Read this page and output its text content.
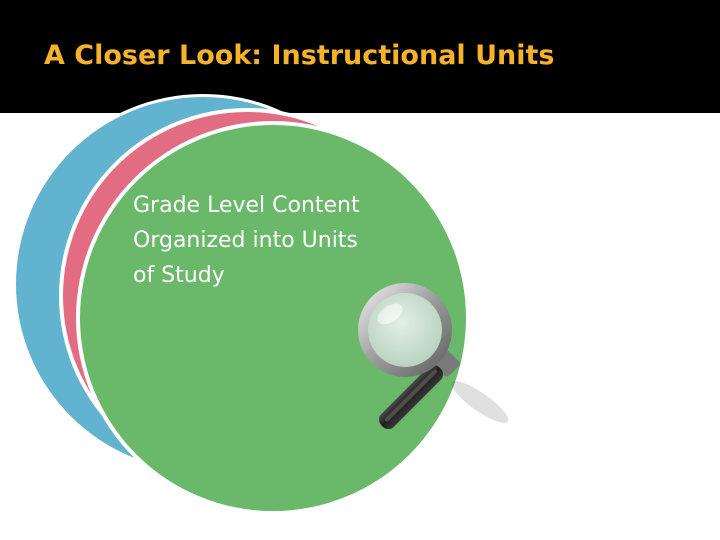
A Closer Look: Instructional Units
Grade Level Content
Organized into Units
of Study
